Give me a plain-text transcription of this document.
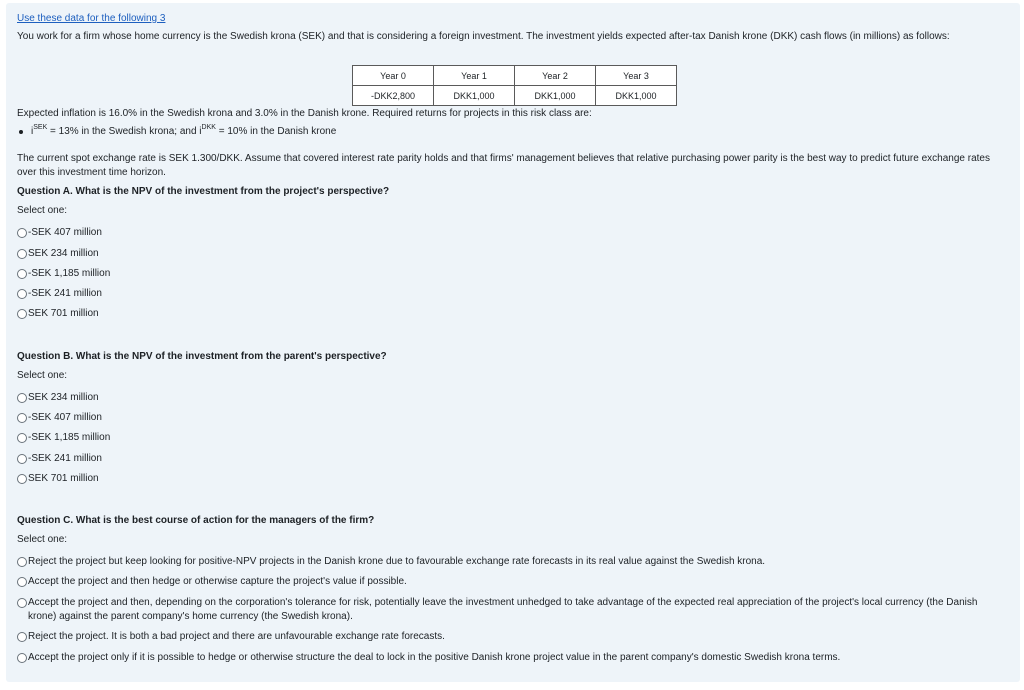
Use these data for the following 3

You work for a firm whose home currency is the Swedish krona (SEK) and that is considering a foreign investment. The investment yields expected after-tax Danish krone (DKK) cash flows (in millions) as follows:

Year 0	Year 1	Year 2	Year 3
-DKK2,800	DKK1,000	DKK1,000	DKK1,000

Expected inflation is 16.0% in the Swedish krona and 3.0% in the Danish krone. Required returns for projects in this risk class are:

$i^{SEK} = 13\%$ in the Swedish krona; and $i^{DKK} = 10\%$ in the Danish krone

The current spot exchange rate is SEK 1.300/DKK. Assume that covered interest rate parity holds and that firms' management believes that relative purchasing power parity is the best way to predict future exchange rates over this investment time horizon.

Question A. What is the NPV of the investment from the project's perspective?
Select one:
-SEK 407 million
SEK 234 million
-SEK 1,185 million
-SEK 241 million
SEK 701 million
Question B. What is the NPV of the investment from the parent's perspective?
Select one:
SEK 234 million
-SEK 407 million
-SEK 1,185 million
-SEK 241 million
SEK 701 million
Question C. What is the best course of action for the managers of the firm?
Select one:
Reject the project but keep looking for positive-NPV projects in the Danish krone due to favourable exchange rate forecasts in its real value against the Swedish krona.
Accept the project and then hedge or otherwise capture the project's value if possible.
Accept the project and then, depending on the corporation's tolerance for risk, potentially leave the investment unhedged to take advantage of the expected real appreciation of the project's local currency (the Danish krone) against the parent company's home currency (the Swedish krona).
Reject the project. It is both a bad project and there are unfavourable exchange rate forecasts.
Accept the project only if it is possible to hedge or otherwise structure the deal to lock in the positive Danish krone project value in the parent company's domestic Swedish krona terms.
